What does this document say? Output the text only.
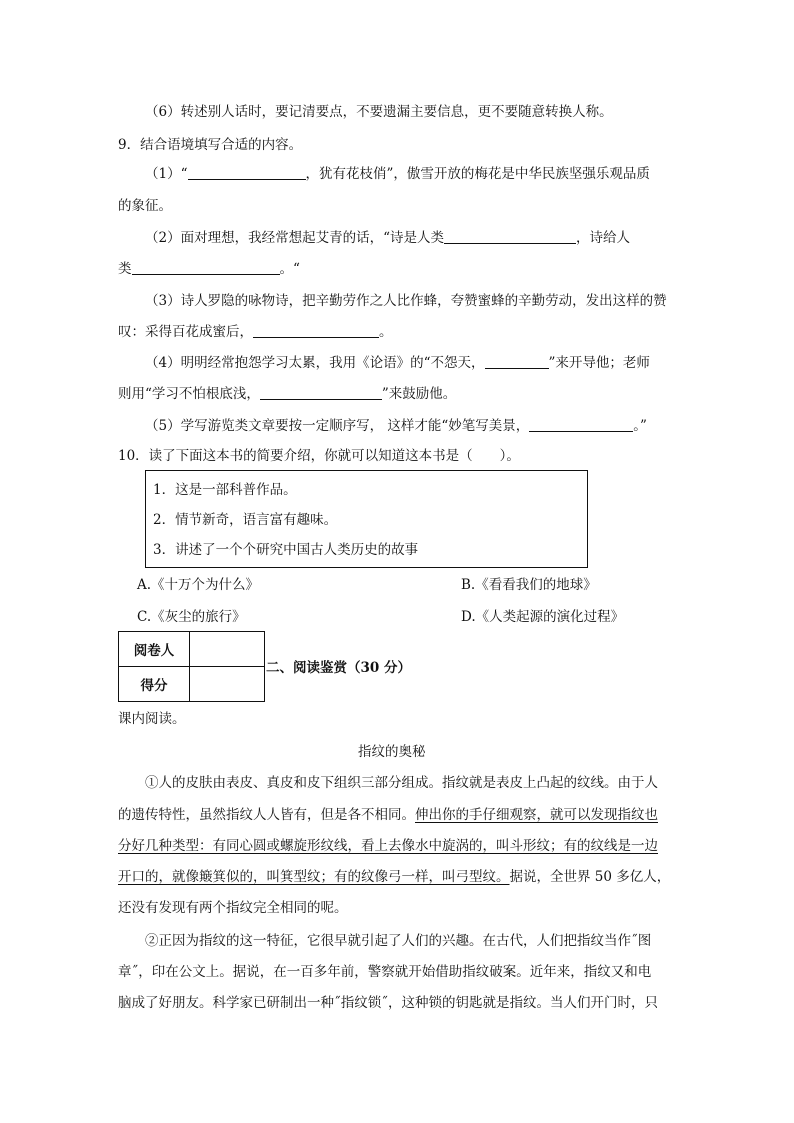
（6）转述别人话时，要记清要点，不要遗漏主要信息，更不要随意转换人称。
9．结合语境填写合适的内容。
（1）“	，犹有花枝俏”，傲雪开放的梅花是中华民族坚强乐观品质
的象征。
（2）面对理想，我经常想起艾青的话，“诗是人类	，诗给人
类	。“
（3）诗人罗隐的咏物诗，把辛勤劳作之人比作蜂，夸赞蜜蜂的辛勤劳动，发出这样的赞
叹：采得百花成蜜后，	。
（4）明明经常抱怨学习太累，我用《论语》的“不怨天，	”来开导他；老师
则用“学习不怕根底浅，	”来鼓励他。
（5）学写游览类文章要按一定顺序写， 这样才能“妙笔写美景，	。”
10．读了下面这本书的简要介绍，你就可以知道这本书是（　　）。
1．这是一部科普作品。
2．情节新奇，语言富有趣味。
3．讲述了一个个研究中国古人类历史的故事
A.《十万个为什么》	B.《看看我们的地球》
C.《灰尘的旅行》	D.《人类起源的演化过程》
阅卷人	
得分	
二、阅读鉴赏（30 分）
课内阅读。
指纹的奥秘
①人的皮肤由表皮、真皮和皮下组织三部分组成。指纹就是表皮上凸起的纹线。由于人
的遗传特性，虽然指纹人人皆有，但是各不相同。伸出你的手仔细观察，就可以发现指纹也
分好几种类型：有同心圆或螺旋形纹线，看上去像水中旋涡的，叫斗形纹；有的纹线是一边
开口的，就像簸箕似的，叫箕型纹；有的纹像弓一样，叫弓型纹。据说，全世界 50 多亿人，
还没有发现有两个指纹完全相同的呢。
②正因为指纹的这一特征，它很早就引起了人们的兴趣。在古代，人们把指纹当作˝图
章˝，印在公文上。据说，在一百多年前，警察就开始借助指纹破案。近年来，指纹又和电
脑成了好朋友。科学家已研制出一种˝指纹锁˝，这种锁的钥匙就是指纹。当人们开门时，只
